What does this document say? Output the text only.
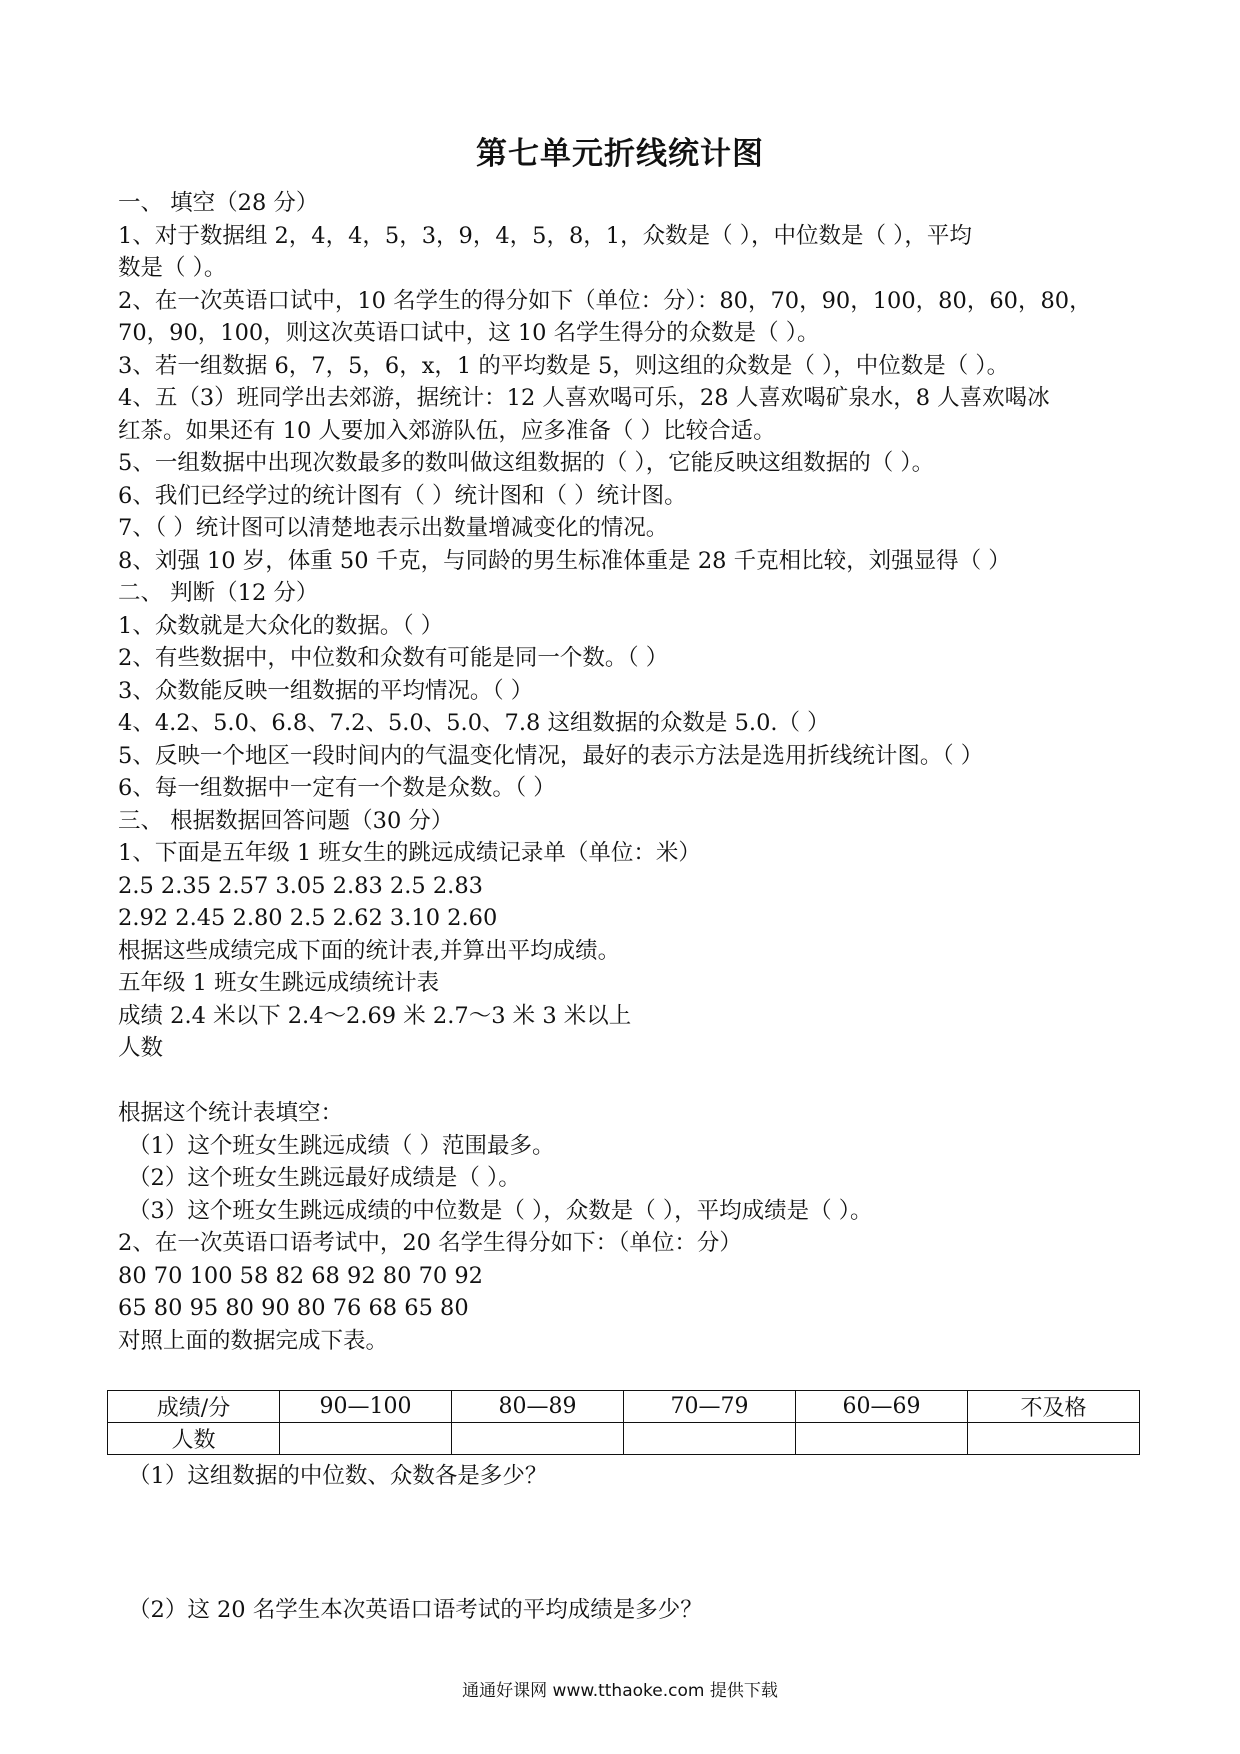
第七单元折线统计图
一、 填空（28 分）
1、对于数据组 2，4，4，5，3，9，4，5，8，1，众数是（ ），中位数是（ ），平均
数是（ ）。
2、在一次英语口试中，10 名学生的得分如下（单位：分）：80，70，90，100，80，60，80，
70，90，100，则这次英语口试中，这 10 名学生得分的众数是（ ）。
3、若一组数据 6，7，5，6，x，1 的平均数是 5，则这组的众数是（ ），中位数是（ ）。
4、五（3）班同学出去郊游，据统计：12 人喜欢喝可乐，28 人喜欢喝矿泉水，8 人喜欢喝冰
红茶。如果还有 10 人要加入郊游队伍，应多准备（ ）比较合适。
5、一组数据中出现次数最多的数叫做这组数据的（ ），它能反映这组数据的（ ）。
6、我们已经学过的统计图有（ ）统计图和（ ）统计图。
7、（ ）统计图可以清楚地表示出数量增减变化的情况。
8、刘强 10 岁，体重 50 千克，与同龄的男生标准体重是 28 千克相比较，刘强显得（ ）
二、 判断（12 分）
1、众数就是大众化的数据。（ ）
2、有些数据中，中位数和众数有可能是同一个数。（ ）
3、众数能反映一组数据的平均情况。（ ）
4、4.2、5.0、6.8、7.2、5.0、5.0、7.8 这组数据的众数是 5.0.（ ）
5、反映一个地区一段时间内的气温变化情况，最好的表示方法是选用折线统计图。（ ）
6、每一组数据中一定有一个数是众数。（ ）
三、 根据数据回答问题（30 分）
1、下面是五年级 1 班女生的跳远成绩记录单（单位：米）
2.5 2.35 2.57 3.05 2.83 2.5 2.83
2.92 2.45 2.80 2.5 2.62 3.10 2.60
根据这些成绩完成下面的统计表,并算出平均成绩。
五年级 1 班女生跳远成绩统计表
成绩 2.4 米以下 2.4～2.69 米 2.7～3 米 3 米以上
人数
根据这个统计表填空：
（1）这个班女生跳远成绩（ ）范围最多。
（2）这个班女生跳远最好成绩是（ ）。
（3）这个班女生跳远成绩的中位数是（ ），众数是（ ），平均成绩是（ ）。
2、在一次英语口语考试中，20 名学生得分如下：（单位：分）
80 70 100 58 82 68 92 80 70 92
65 80 95 80 90 80 76 68 65 80
对照上面的数据完成下表。
成绩/分	90—100	80—89	70—79	60—69	不及格
人数					
（1）这组数据的中位数、众数各是多少？
（2）这 20 名学生本次英语口语考试的平均成绩是多少？
通通好课网 www.tthaoke.com 提供下载
